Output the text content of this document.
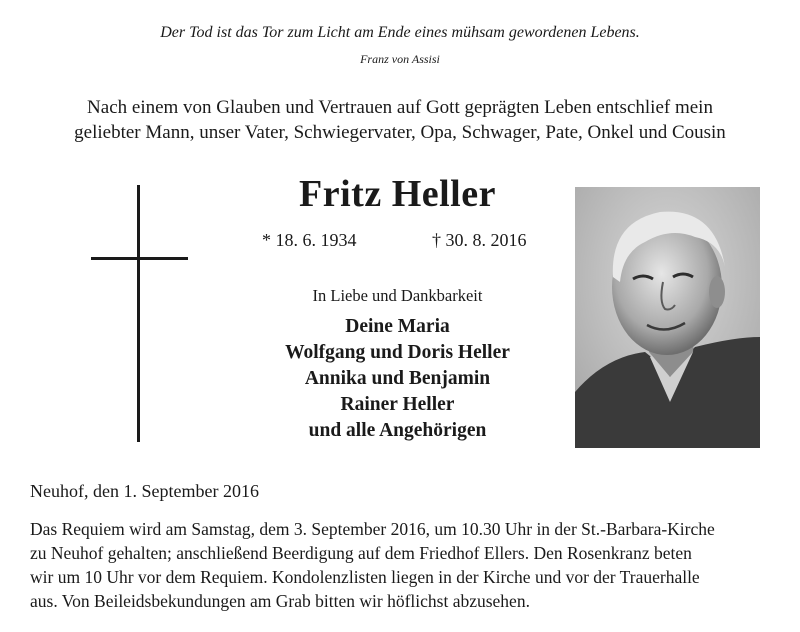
Der Tod ist das Tor zum Licht am Ende eines mühsam gewordenen Lebens.
Franz von Assisi
Nach einem von Glauben und Vertrauen auf Gott geprägten Leben entschlief mein
geliebter Mann, unser Vater, Schwiegervater, Opa, Schwager, Pate, Onkel und Cousin
Fritz Heller
* 18. 6. 1934	† 30. 8. 2016
In Liebe und Dankbarkeit
Deine Maria
Wolfgang und Doris Heller
Annika und Benjamin
Rainer Heller
und alle Angehörigen
Neuhof, den 1. September 2016
Das Requiem wird am Samstag, dem 3. September 2016, um 10.30 Uhr in der St.-Barbara-Kirche
zu Neuhof gehalten; anschließend Beerdigung auf dem Friedhof Ellers. Den Rosenkranz beten
wir um 10 Uhr vor dem Requiem. Kondolenzlisten liegen in der Kirche und vor der Trauerhalle
aus. Von Beileidsbekundungen am Grab bitten wir höflichst abzusehen.
